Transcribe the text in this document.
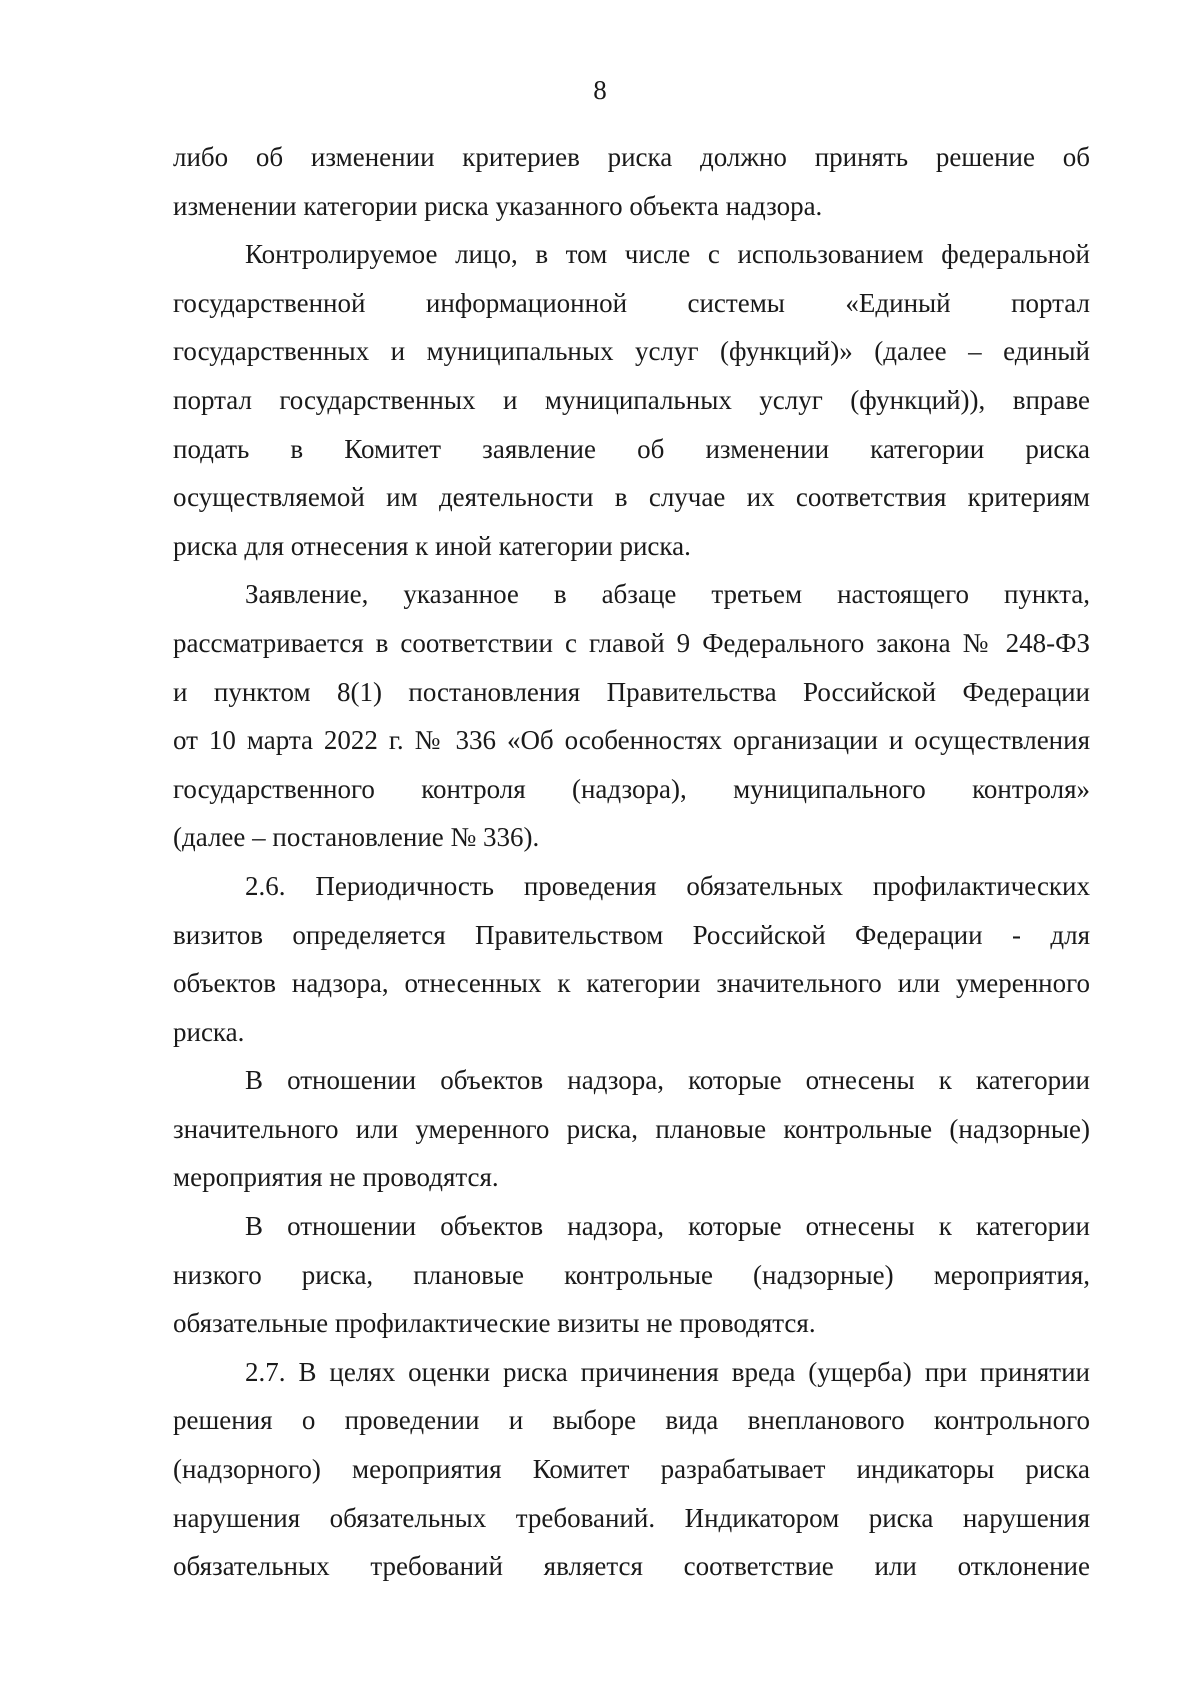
8
либо об изменении критериев риска должно принять решение об
изменении категории риска указанного объекта надзора.
Контролируемое лицо, в том числе с использованием федеральной
государственной информационной системы «Единый портал
государственных и муниципальных услуг (функций)» (далее – единый
портал государственных и муниципальных услуг (функций)), вправе
подать в Комитет заявление об изменении категории риска
осуществляемой им деятельности в случае их соответствия критериям
риска для отнесения к иной категории риска.
Заявление, указанное в абзаце третьем настоящего пункта,
рассматривается в соответствии с главой 9 Федерального закона № 248-ФЗ
и пунктом 8(1) постановления Правительства Российской Федерации
от 10 марта 2022 г. № 336 «Об особенностях организации и осуществления
государственного контроля (надзора), муниципального контроля»
(далее – постановление № 336).
2.6. Периодичность проведения обязательных профилактических
визитов определяется Правительством Российской Федерации - для
объектов надзора, отнесенных к категории значительного или умеренного
риска.
В отношении объектов надзора, которые отнесены к категории
значительного или умеренного риска, плановые контрольные (надзорные)
мероприятия не проводятся.
В отношении объектов надзора, которые отнесены к категории
низкого риска, плановые контрольные (надзорные) мероприятия,
обязательные профилактические визиты не проводятся.
2.7. В целях оценки риска причинения вреда (ущерба) при принятии
решения о проведении и выборе вида внепланового контрольного
(надзорного) мероприятия Комитет разрабатывает индикаторы риска
нарушения обязательных требований. Индикатором риска нарушения
обязательных требований является соответствие или отклонение
